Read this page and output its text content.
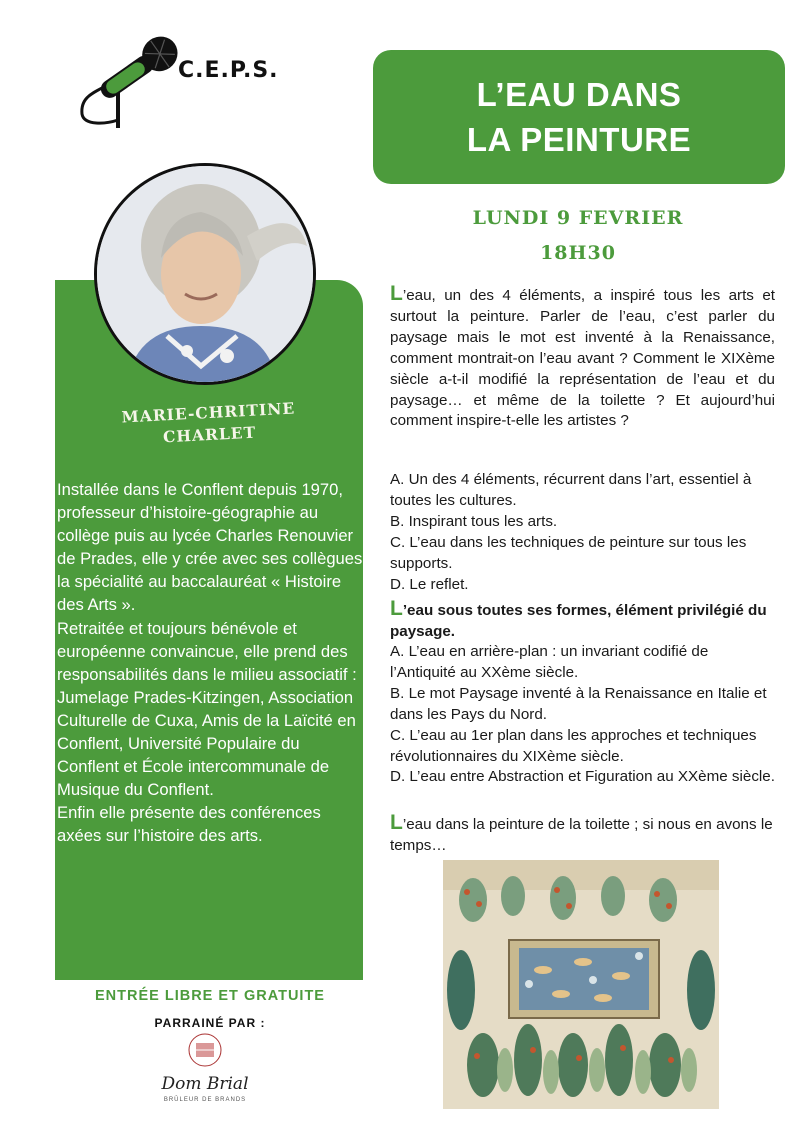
C.E.P.S.
MARIE-CHRITINE
CHARLET

Installée dans le Conflent depuis 1970, professeur d’histoire-géographie au collège puis au lycée Charles Renouvier de Prades, elle y crée avec ses collègues la spécialité au baccalauréat « Histoire des Arts ».

Retraitée et toujours bénévole et européenne convaincue, elle prend des responsabilités dans le milieu associatif : Jumelage Prades-Kitzingen, Association Culturelle de Cuxa, Amis de la Laïcité en Conflent, Université Populaire du Conflent et École intercommunale de Musique du Conflent.

Enfin elle présente des conférences axées sur l’histoire des arts.

ENTRÉE LIBRE ET GRATUITE
PARRAINÉ PAR :
Dom Brial
BRÛLEUR DE BRANDS
L’EAU DANS
LA PEINTURE
LUNDI 9 FEVRIER
18H30
L’eau, un des 4 éléments, a inspiré tous les arts et surtout la peinture. Parler de l’eau, c’est parler du paysage mais le mot est inventé à la Renaissance, comment montrait-on l’eau avant ? Comment le XIXème siècle a-t-il modifié la représentation de l’eau et du paysage… et même de la toilette ? Et aujourd’hui comment inspire-t-elle les artistes ?

A. Un des 4 éléments, récurrent dans l’art, essentiel à toutes les cultures.

B. Inspirant tous les arts.

C. L’eau dans les techniques de peinture sur tous les supports.

D. Le reflet.

L’eau sous toutes ses formes, élément privilégié du paysage.

A. L’eau en arrière-plan : un invariant codifié de l’Antiquité au XXème siècle.

B. Le mot Paysage inventé à la Renaissance en Italie et dans les Pays du Nord.

C. L’eau au 1er plan dans les approches et techniques révolutionnaires du XIXème siècle.

D. L’eau entre Abstraction et Figuration au XXème siècle.

L’eau dans la peinture de la toilette ; si nous en avons le temps…
